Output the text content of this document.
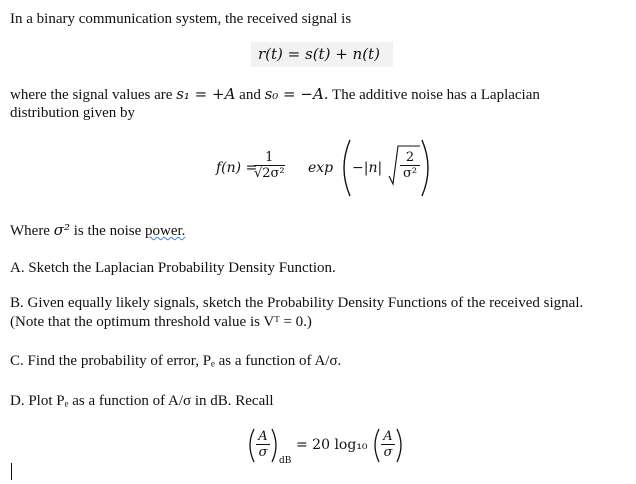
In a binary communication system, the received signal is
r(t) = s(t) + n(t)
where the signal values are s₁ = +A and s₀ = −A. The additive noise has a Laplacian
distribution given by
f(n) =
$\frac{1}{\text{√2σ²}}$ $\exp -|n| \frac{2}{\text{σ²}}$
Where σ² is the noise power.
A. Sketch the Laplacian Probability Density Function.
B. Given equally likely signals, sketch the Probability Density Functions of the received signal.
(Note that the optimum threshold value is Vᵀ = 0.)
C. Find the probability of error, Pₑ as a function of A/σ.
D. Plot Pₑ as a function of A/σ in dB. Recall
$\frac{A}{\sigma}$
dB
= 20 $\log_{10} \frac{A}{\sigma}$
